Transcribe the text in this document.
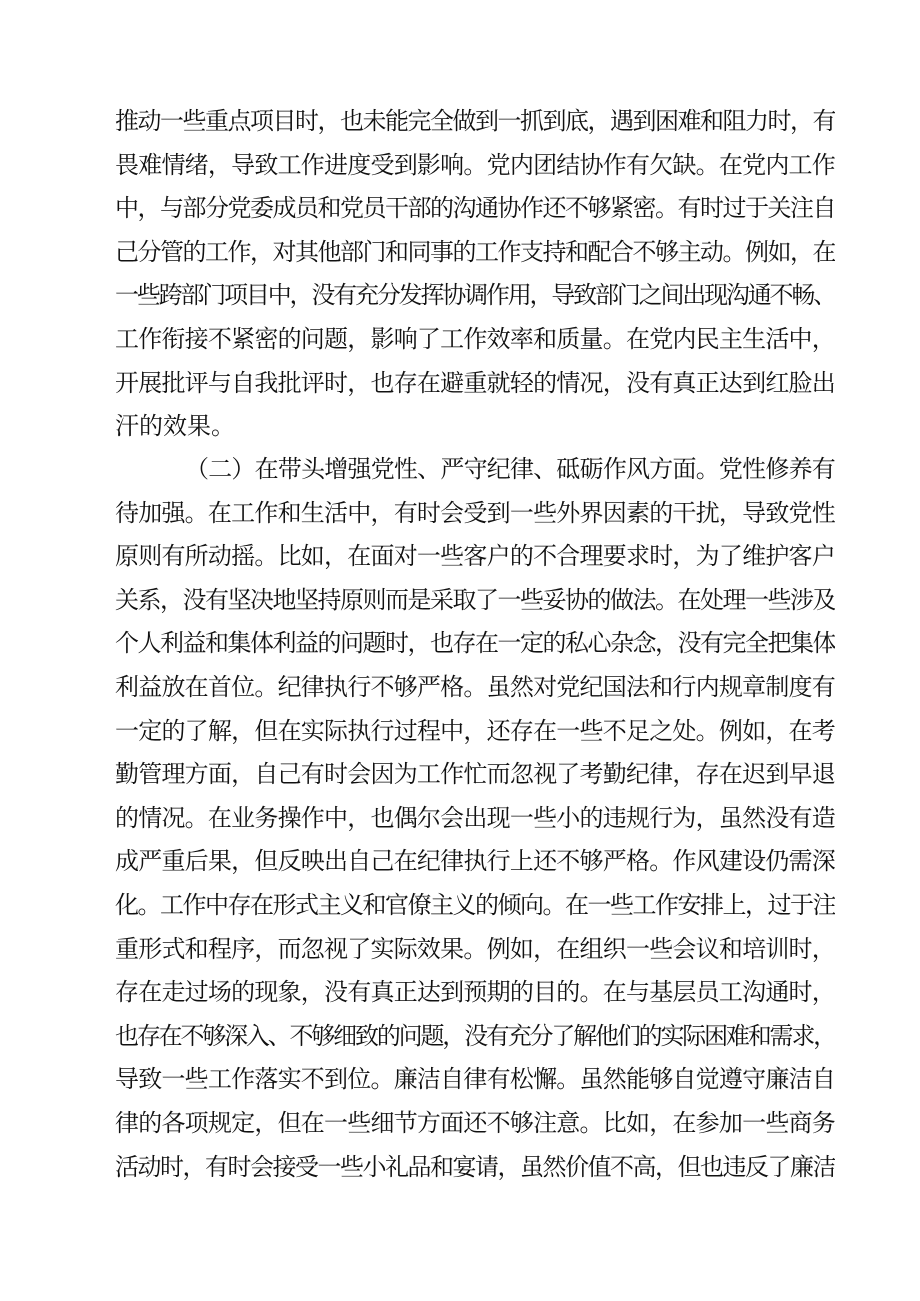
推动一些重点项目时，也未能完全做到一抓到底，遇到困难和阻力时，有
畏难情绪，导致工作进度受到影响。党内团结协作有欠缺。在党内工作
中，与部分党委成员和党员干部的沟通协作还不够紧密。有时过于关注自
己分管的工作，对其他部门和同事的工作支持和配合不够主动。例如，在
一些跨部门项目中，没有充分发挥协调作用，导致部门之间出现沟通不畅、
工作衔接不紧密的问题，影响了工作效率和质量。在党内民主生活中，
开展批评与自我批评时，也存在避重就轻的情况，没有真正达到红脸出
汗的效果。
（二）在带头增强党性、严守纪律、砥砺作风方面。党性修养有
待加强。在工作和生活中，有时会受到一些外界因素的干扰，导致党性
原则有所动摇。比如，在面对一些客户的不合理要求时，为了维护客户
关系，没有坚决地坚持原则而是采取了一些妥协的做法。在处理一些涉及
个人利益和集体利益的问题时，也存在一定的私心杂念，没有完全把集体
利益放在首位。纪律执行不够严格。虽然对党纪国法和行内规章制度有
一定的了解，但在实际执行过程中，还存在一些不足之处。例如，在考
勤管理方面，自己有时会因为工作忙而忽视了考勤纪律，存在迟到早退
的情况。在业务操作中，也偶尔会出现一些小的违规行为，虽然没有造
成严重后果，但反映出自己在纪律执行上还不够严格。作风建设仍需深
化。工作中存在形式主义和官僚主义的倾向。在一些工作安排上，过于注
重形式和程序，而忽视了实际效果。例如，在组织一些会议和培训时，
存在走过场的现象，没有真正达到预期的目的。在与基层员工沟通时，
也存在不够深入、不够细致的问题，没有充分了解他们的实际困难和需求，
导致一些工作落实不到位。廉洁自律有松懈。虽然能够自觉遵守廉洁自
律的各项规定，但在一些细节方面还不够注意。比如，在参加一些商务
活动时，有时会接受一些小礼品和宴请，虽然价值不高，但也违反了廉洁
